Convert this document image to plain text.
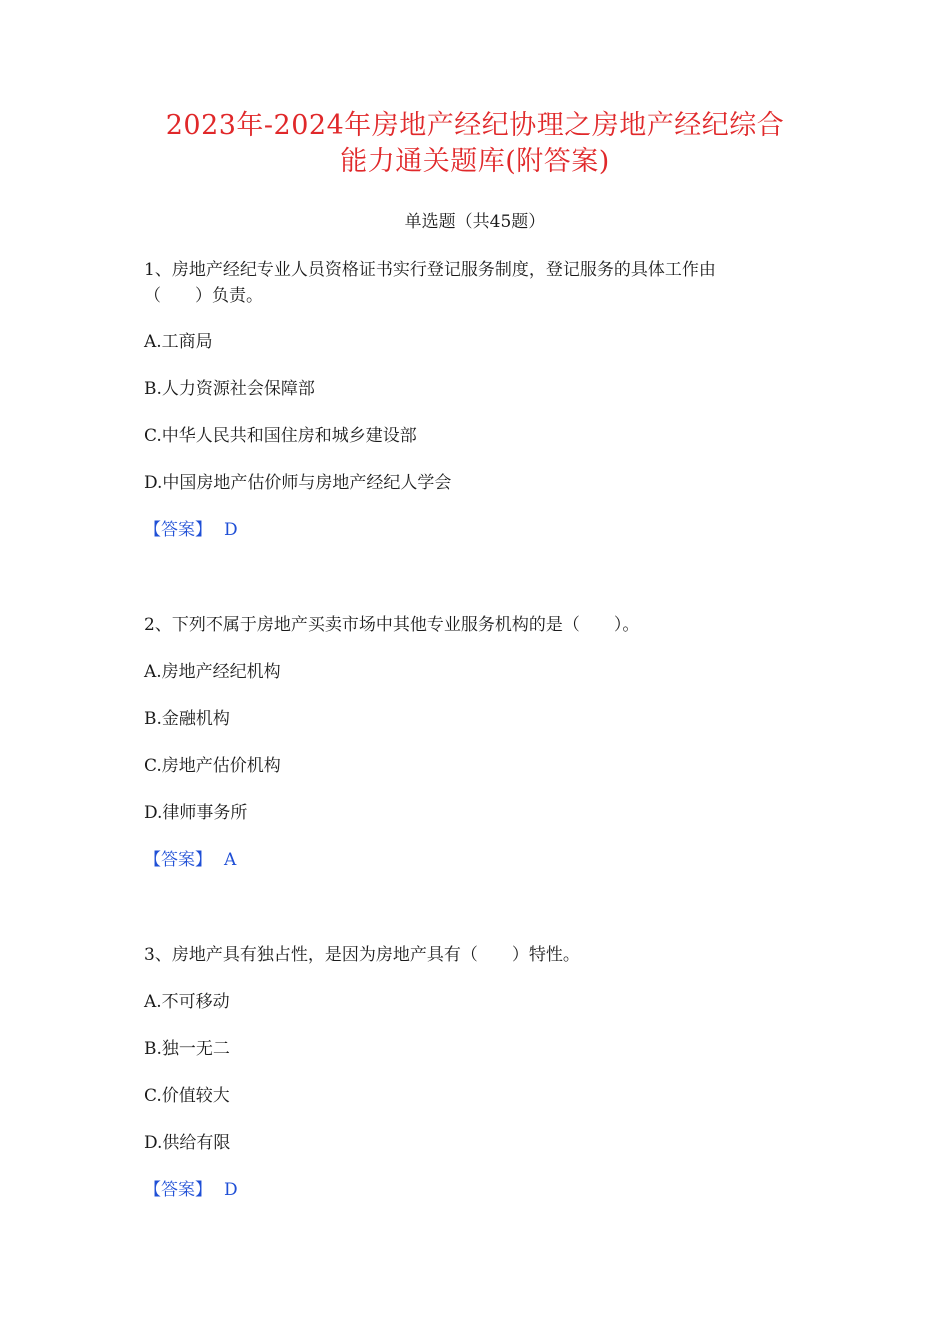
2023年-2024年房地产经纪协理之房地产经纪综合
能力通关题库(附答案)
单选题（共45题）
1、房地产经纪专业人员资格证书实行登记服务制度，登记服务的具体工作由
（　　）负责。
A.工商局
B.人力资源社会保障部
C.中华人民共和国住房和城乡建设部
D.中国房地产估价师与房地产经纪人学会
【答案】 D
2、下列不属于房地产买卖市场中其他专业服务机构的是（　　）。
A.房地产经纪机构
B.金融机构
C.房地产估价机构
D.律师事务所
【答案】 A
3、房地产具有独占性，是因为房地产具有（　　）特性。
A.不可移动
B.独一无二
C.价值较大
D.供给有限
【答案】 D
